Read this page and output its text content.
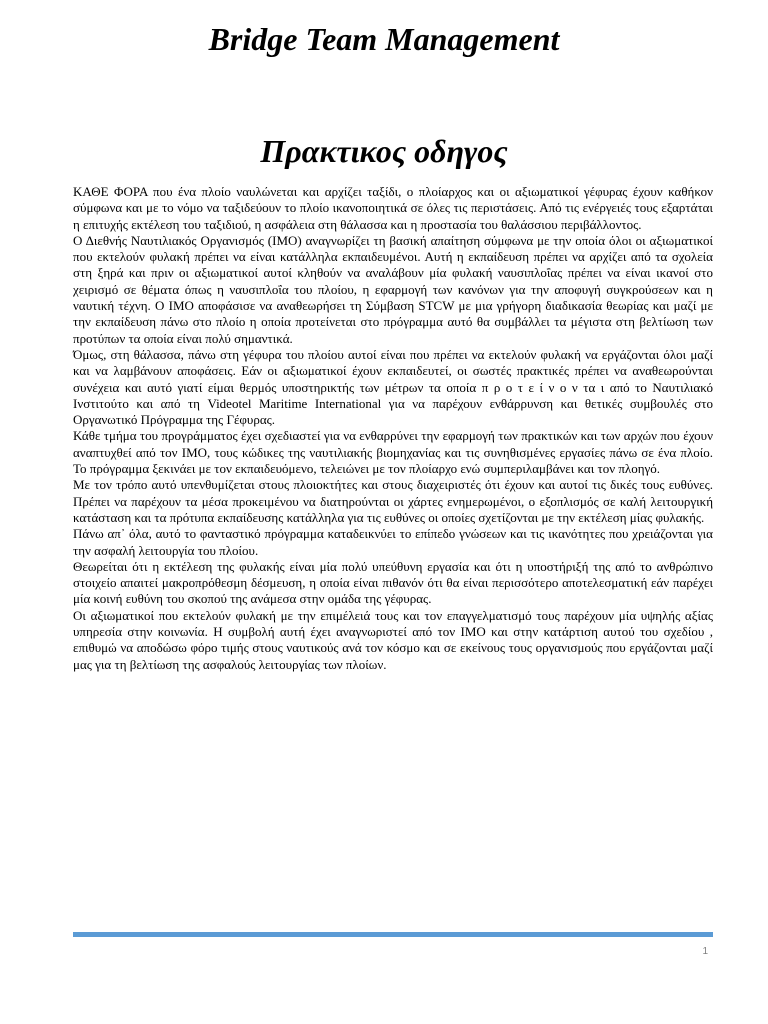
Bridge Team Management
Πρακτικος οδηγος

ΚΑΘΕ ΦΟΡΑ που ένα πλοίο ναυλώνεται και αρχίζει ταξίδι, ο πλοίαρχος και οι αξιωματικοί γέφυρας έχουν καθήκον σύμφωνα και με το νόμο να ταξιδεύουν το πλοίο ικανοποιητικά σε όλες τις περιστάσεις. Από τις ενέργειές τους εξαρτάται η επιτυχής εκτέλεση του ταξιδιού, η ασφάλεια στη θάλασσα και η προστασία του θαλάσσιου περιβάλλοντος.

Ο Διεθνής Ναυτιλιακός Οργανισμός (IMO) αναγνωρίζει τη βασική απαίτηση σύμφωνα με την οποία όλοι οι αξιωματικοί που εκτελούν φυλακή πρέπει να είναι κατάλληλα εκπαιδευμένοι. Αυτή η εκπαίδευση πρέπει να αρχίζει από τα σχολεία στη ξηρά και πριν οι αξιωματικοί αυτοί κληθούν να αναλάβουν μία φυλακή ναυσιπλοΐας πρέπει να είναι ικανοί στο χειρισμό σε θέματα όπως η ναυσιπλοΐα του πλοίου, η εφαρμογή των κανόνων για την αποφυγή συγκρούσεων και η ναυτική τέχνη. Ο IMO αποφάσισε να αναθεωρήσει τη Σύμβαση STCW με μια γρήγορη διαδικασία θεωρίας και μαζί με την εκπαίδευση πάνω στο πλοίο η οποία προτείνεται στο πρόγραμμα αυτό θα συμβάλλει τα μέγιστα στη βελτίωση των προτύπων τα οποία είναι πολύ σημαντικά.

Όμως, στη θάλασσα, πάνω στη γέφυρα του πλοίου αυτοί είναι που πρέπει να εκτελούν φυλακή να εργάζονται όλοι μαζί και να λαμβάνουν αποφάσεις. Εάν οι αξιωματικοί έχουν εκπαιδευτεί, οι σωστές πρακτικές πρέπει να αναθεωρούνται συνέχεια και αυτό γιατί είμαι θερμός υποστηρικτής των μέτρων τα οποία π ρ ο τ ε ί ν ο ν τα ι από το Ναυτιλιακό Ινστιτούτο και από τη Videotel Maritime International για να παρέχουν ενθάρρυνση και θετικές συμβουλές στο Οργανωτικό Πρόγραμμα της Γέφυρας.

Κάθε τμήμα του προγράμματος έχει σχεδιαστεί για να ενθαρρύνει την εφαρμογή των πρακτικών και των αρχών που έχουν αναπτυχθεί από τον IMO, τους κώδικες της ναυτιλιακής βιομηχανίας και τις συνηθισμένες εργασίες πάνω σε ένα πλοίο. Το πρόγραμμα ξεκινάει με τον εκπαιδευόμενο, τελειώνει με τον πλοίαρχο ενώ συμπεριλαμβάνει και τον πλοηγό.

Με τον τρόπο αυτό υπενθυμίζεται στους πλοιοκτήτες και στους διαχειριστές ότι έχουν και αυτοί τις δικές τους ευθύνες. Πρέπει να παρέχουν τα μέσα προκειμένου να διατηρούνται οι χάρτες ενημερωμένοι, ο εξοπλισμός σε καλή λειτουργική κατάσταση και τα πρότυπα εκπαίδευσης κατάλληλα για τις ευθύνες οι οποίες σχετίζονται με την εκτέλεση μίας φυλακής.

Πάνω απ᾽ όλα, αυτό το φανταστικό πρόγραμμα καταδεικνύει το επίπεδο γνώσεων και τις ικανότητες που χρειάζονται για την ασφαλή λειτουργία του πλοίου.

Θεωρείται ότι η εκτέλεση της φυλακής είναι μία πολύ υπεύθυνη εργασία και ότι η υποστήριξή της από το ανθρώπινο στοιχείο απαιτεί μακροπρόθεσμη δέσμευση, η οποία είναι πιθανόν ότι θα είναι περισσότερο αποτελεσματική εάν παρέχει μία κοινή ευθύνη του σκοπού της ανάμεσα στην ομάδα της γέφυρας.

Οι αξιωματικοί που εκτελούν φυλακή με την επιμέλειά τους και τον επαγγελματισμό τους παρέχουν μία υψηλής αξίας υπηρεσία στην κοινωνία. Η συμβολή αυτή έχει αναγνωριστεί από τον IMO και στην κατάρτιση αυτού του σχεδίου , επιθυμώ να αποδώσω φόρο τιμής στους ναυτικούς ανά τον κόσμο και σε εκείνους τους οργανισμούς που εργάζονται μαζί μας για τη βελτίωση της ασφαλούς λειτουργίας των πλοίων.

1
